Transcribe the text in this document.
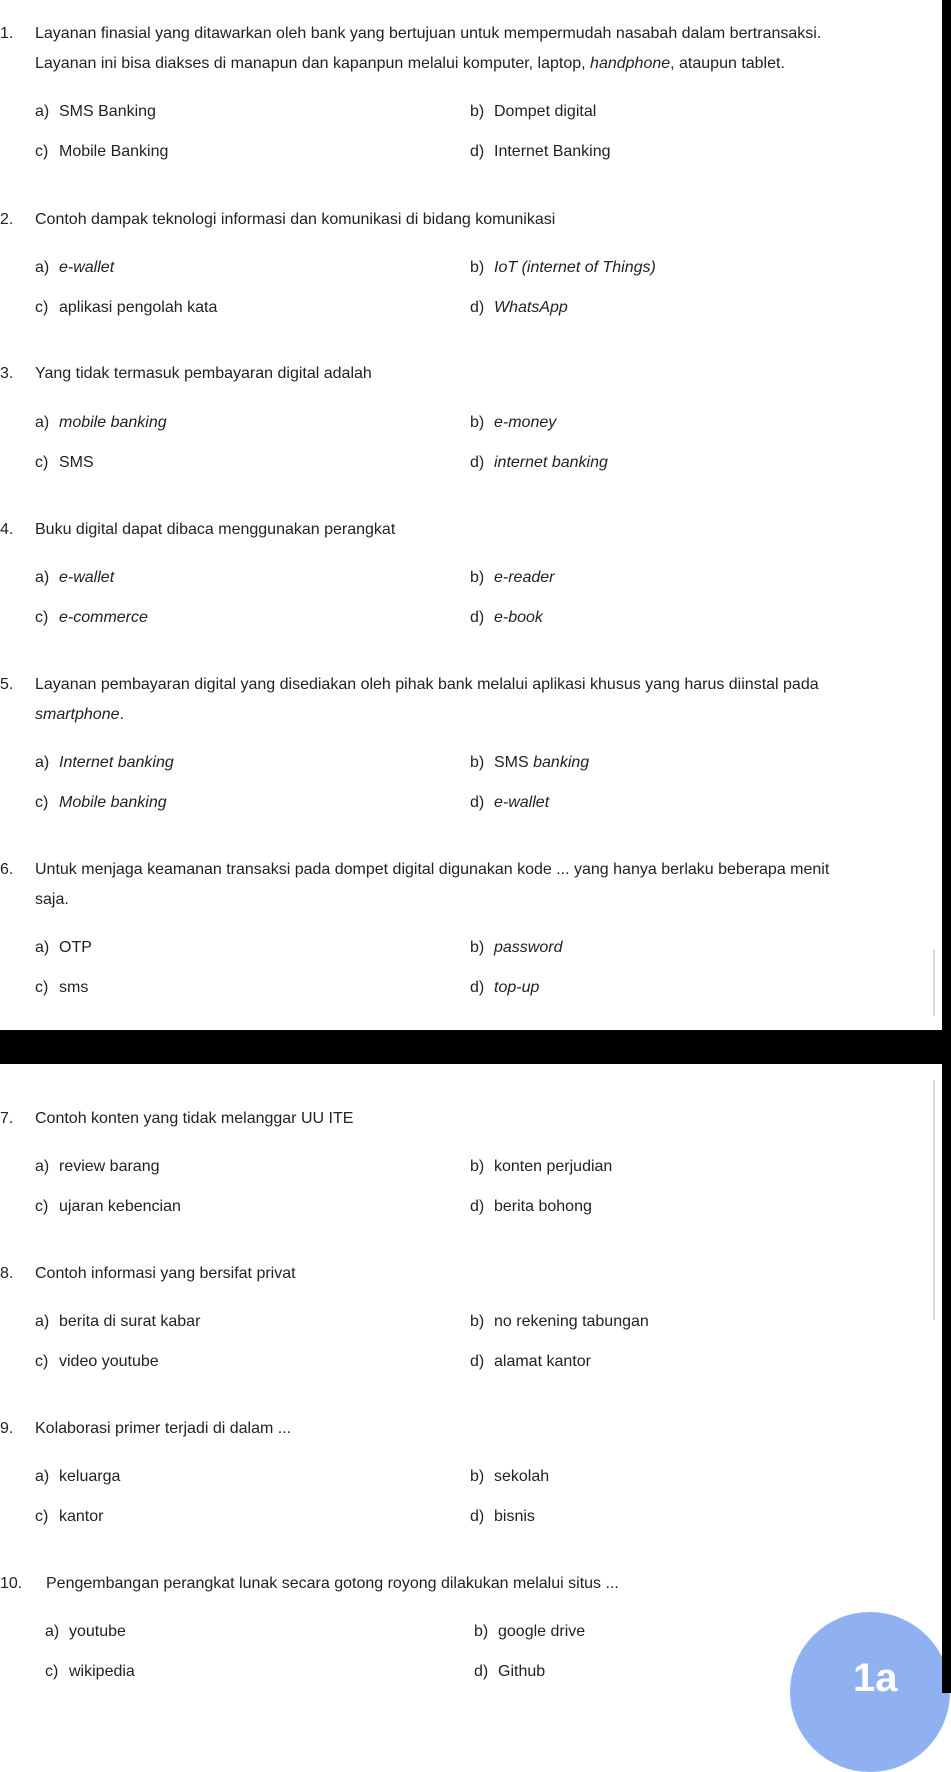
1. Layanan finasial yang ditawarkan oleh bank yang bertujuan untuk mempermudah nasabah dalam bertransaksi.
Layanan ini bisa diakses di manapun dan kapanpun melalui komputer, laptop, handphone, ataupun tablet.
a) SMS Banking	b) Dompet digital
c) Mobile Banking	d) Internet Banking
2. Contoh dampak teknologi informasi dan komunikasi di bidang komunikasi
a) e-wallet	b) IoT (internet of Things)
c) aplikasi pengolah kata	d) WhatsApp
3. Yang tidak termasuk pembayaran digital adalah
a) mobile banking	b) e-money
c) SMS	d) internet banking
4. Buku digital dapat dibaca menggunakan perangkat
a) e-wallet	b) e-reader
c) e-commerce	d) e-book
5. Layanan pembayaran digital yang disediakan oleh pihak bank melalui aplikasi khusus yang harus diinstal pada
smartphone.
a) Internet banking	b) SMS banking
c) Mobile banking	d) e-wallet
6. Untuk menjaga keamanan transaksi pada dompet digital digunakan kode ... yang hanya berlaku beberapa menit
saja.
a) OTP	b) password
c) sms	d) top-up
7. Contoh konten yang tidak melanggar UU ITE
a) review barang	b) konten perjudian
c) ujaran kebencian	d) berita bohong
8. Contoh informasi yang bersifat privat
a) berita di surat kabar	b) no rekening tabungan
c) video youtube	d) alamat kantor
9. Kolaborasi primer terjadi di dalam ...
a) keluarga	b) sekolah
c) kantor	d) bisnis
10. Pengembangan perangkat lunak secara gotong royong dilakukan melalui situs ...
a) youtube	b) google drive
c) wikipedia	d) Github	1a
